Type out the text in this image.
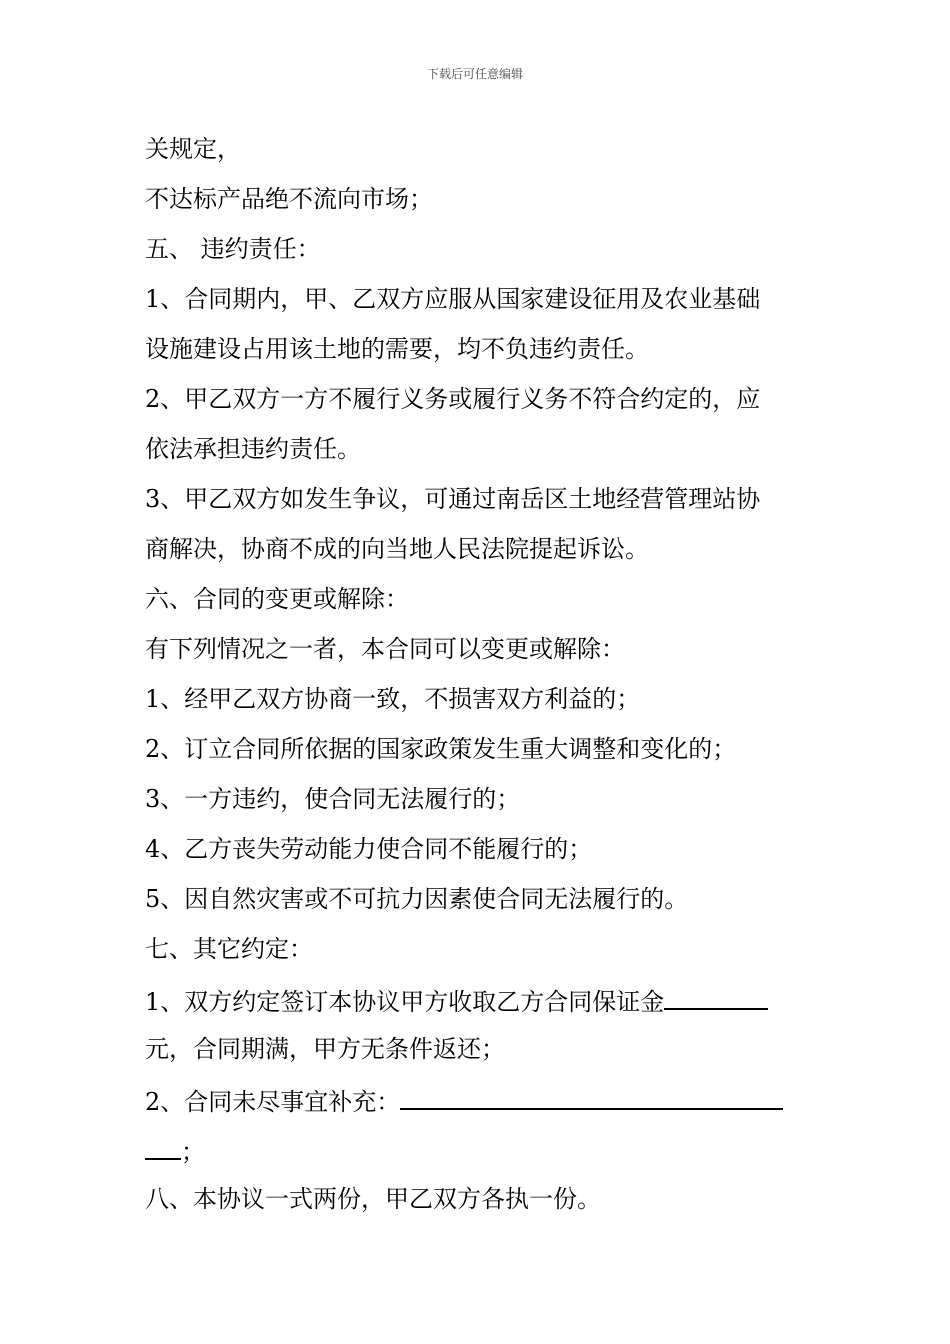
下载后可任意编辑
关规定，
不达标产品绝不流向市场；
五、 违约责任：
1、合同期内，甲、乙双方应服从国家建设征用及农业基础
设施建设占用该土地的需要，均不负违约责任。
2、甲乙双方一方不履行义务或履行义务不符合约定的，应
依法承担违约责任。
3、甲乙双方如发生争议，可通过南岳区土地经营管理站协
商解决，协商不成的向当地人民法院提起诉讼。
六、合同的变更或解除：
有下列情况之一者，本合同可以变更或解除：
1、经甲乙双方协商一致，不损害双方利益的；
2、订立合同所依据的国家政策发生重大调整和变化的；
3、一方违约，使合同无法履行的；
4、乙方丧失劳动能力使合同不能履行的；
5、因自然灾害或不可抗力因素使合同无法履行的。
七、其它约定：
1、双方约定签订本协议甲方收取乙方合同保证金
元，合同期满，甲方无条件返还；
2、合同未尽事宜补充：
；
八、本协议一式两份，甲乙双方各执一份。
